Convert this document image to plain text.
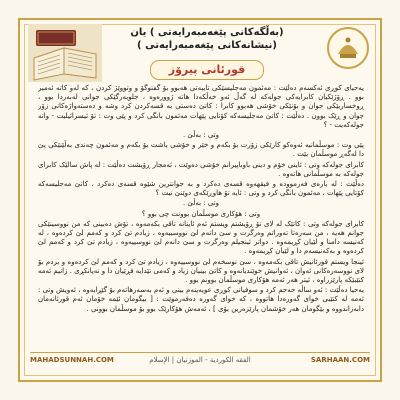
(بەڵگەکانی پێغەمبەرایەتی ) یان
(نیشانەکانی پێغەمبەرایەتی )
قورئانی پیرۆز

یەحیای کوڕی ئەکسەم دەڵێت : مەئمون مەجلیسێکی تایبەتی هەبوو بۆ گفتوگۆ و وتووێژ کردن ، کە لەو کاتە ئەمیر بوو . ڕۆژێکیان کابرایەکی جولەکە لە گەڵ ئەو خەڵکەدا هاتە ژوورەوە ، جلوبەرگێکی جوانی لەبەردا بوو ، ڕوخساریێکی جوان و بۆنێکی خۆشی هەبوو کابرا : کاتێ دەستی بە قسەکردن کرد وشە و دەستەواژەکانی زۆر جوان و ڕێک بوون . دەڵێت : کاتێ مەجلیسەکە کۆتایی پێهات مەئمون بانگی کرد و پێی وت : تۆ ئیسرائیلیت - واتە جولەکەیت - ؟

وتی : بەڵێ .

پێی وت : موسڵمانبە ئەوەکو کارێکی زۆرت بۆ بکەم و خێر و خۆشی باشت بۆ بکەم و مەئمون چەندی بەڵێنێکی پێ دا لەگەڕ موسڵمان بێت .

کابرای جولەکە وتی : ئاینی خۆم و دینی باوباپیرانم خۆشی دەوێت ، ئەمجار ڕۆیشت دەڵێت : لە پاش سالێک کابرای جولەکە بە موسڵمانی هاتەوە .

دەڵێت : لە بارەی فەرموودە و فیقهەوە قسەی دەکرد و بە جوانترین شێوە قسەی دەکرد ، کاتێ مەجلیسەکە کۆتایی پێهات ، مەئمون بانگی کرد و وتی : ئایە تۆ هاوڕێکەی دوێنێ نیت ؟

وتی : بەڵێ .

وتی : هۆکاری موسڵمان بوونت چی بوو ؟

کابرای جولەکە وتی : کاتێک لە لای تۆ ڕۆیشتم ویستم ئەم ئاینانە تاقی بکەمەوە ، تۆش دەبینی کە من نووسینێکی جوانم هەیە ، من سەرەتا تەوراتم وەرگرت و سێ دانەم لێ نووسییەوە ، زیادم تێ کرد و کەمم لێ کردەوە ، لە کەنیسە دامنا و لێیان کڕیمەوە . دواتر ئینجیلم وەرگرت و سێ دانەم لێ نووسییەوە ، زیادم تێ کرد و کەمم لێ کردەوە و بەکەنیسەم دا و لێیان کڕیمەوە .

ئینجا ویستم قورئانیش تاقی بکەمەوە ، سێ نوسخەم لێ نووسییەوە ، زیادم تێ کرد و کەمم لێ کردەوە و بردم بۆ لای نووسەرەکانی ئەوان ، ئەوانیش خوێندیانەوە و کاتێ بینیان زیاد و کەمی تێدایە فڕێیان دا و نەیانکڕی . زانیم ئەمە کتێبێکە پارێزراوە ، ئیتر هەر ئەمە هۆکاری موسڵمان بوونم بوو .

یەحیا دەڵێت : ئەو ساڵە حەجم کرد و سوفیانی کوڕی عویەینەم بینی و ئەم بەسەرهاتەم بۆ گێڕایەوە ، ئەویش وتی : ئەمە لە کتێبی خوای گەورەدا هاتووە ، کە خوای گەورە دەفەرموێت : [ بیگومان ئێمە خۆمان ئەم قورئانەمان دابەزاندووە و بێگومان هەر خۆشمان پارێزەرین بۆی ] ، ئەمەش هۆکارێک بوو بۆ موسڵمان بوونی .

MAHADSUNNAH.COM	الفقه الكوردية - الموزنيان | الإسلام	SARHAAN.COM
